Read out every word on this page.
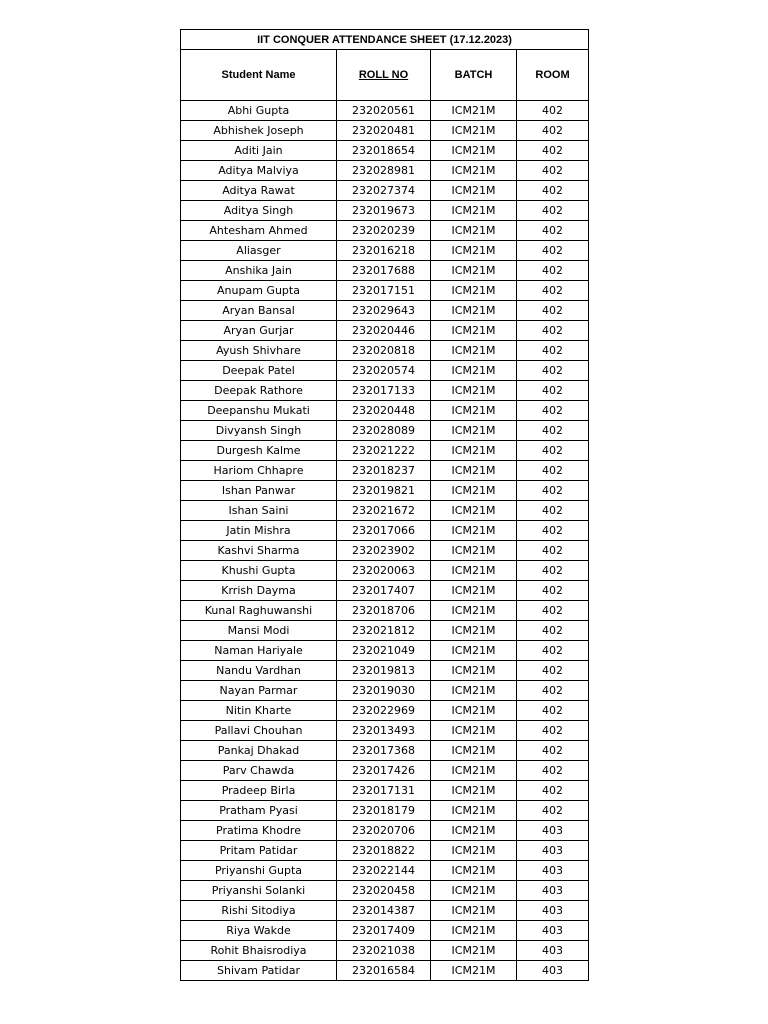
IIT CONQUER ATTENDANCE SHEET (17.12.2023)			
Student Name	ROLL NO	BATCH	ROOM
Abhi Gupta	232020561	ICM21M	402
Abhishek Joseph	232020481	ICM21M	402
Aditi Jain	232018654	ICM21M	402
Aditya Malviya	232028981	ICM21M	402
Aditya Rawat	232027374	ICM21M	402
Aditya Singh	232019673	ICM21M	402
Ahtesham Ahmed	232020239	ICM21M	402
Aliasger	232016218	ICM21M	402
Anshika Jain	232017688	ICM21M	402
Anupam Gupta	232017151	ICM21M	402
Aryan Bansal	232029643	ICM21M	402
Aryan Gurjar	232020446	ICM21M	402
Ayush Shivhare	232020818	ICM21M	402
Deepak Patel	232020574	ICM21M	402
Deepak Rathore	232017133	ICM21M	402
Deepanshu Mukati	232020448	ICM21M	402
Divyansh Singh	232028089	ICM21M	402
Durgesh Kalme	232021222	ICM21M	402
Hariom Chhapre	232018237	ICM21M	402
Ishan Panwar	232019821	ICM21M	402
Ishan Saini	232021672	ICM21M	402
Jatin Mishra	232017066	ICM21M	402
Kashvi Sharma	232023902	ICM21M	402
Khushi Gupta	232020063	ICM21M	402
Krrish Dayma	232017407	ICM21M	402
Kunal Raghuwanshi	232018706	ICM21M	402
Mansi Modi	232021812	ICM21M	402
Naman Hariyale	232021049	ICM21M	402
Nandu Vardhan	232019813	ICM21M	402
Nayan Parmar	232019030	ICM21M	402
Nitin Kharte	232022969	ICM21M	402
Pallavi Chouhan	232013493	ICM21M	402
Pankaj Dhakad	232017368	ICM21M	402
Parv Chawda	232017426	ICM21M	402
Pradeep Birla	232017131	ICM21M	402
Pratham Pyasi	232018179	ICM21M	402
Pratima Khodre	232020706	ICM21M	403
Pritam Patidar	232018822	ICM21M	403
Priyanshi Gupta	232022144	ICM21M	403
Priyanshi Solanki	232020458	ICM21M	403
Rishi Sitodiya	232014387	ICM21M	403
Riya Wakde	232017409	ICM21M	403
Rohit Bhaisrodiya	232021038	ICM21M	403
Shivam Patidar	232016584	ICM21M	403
